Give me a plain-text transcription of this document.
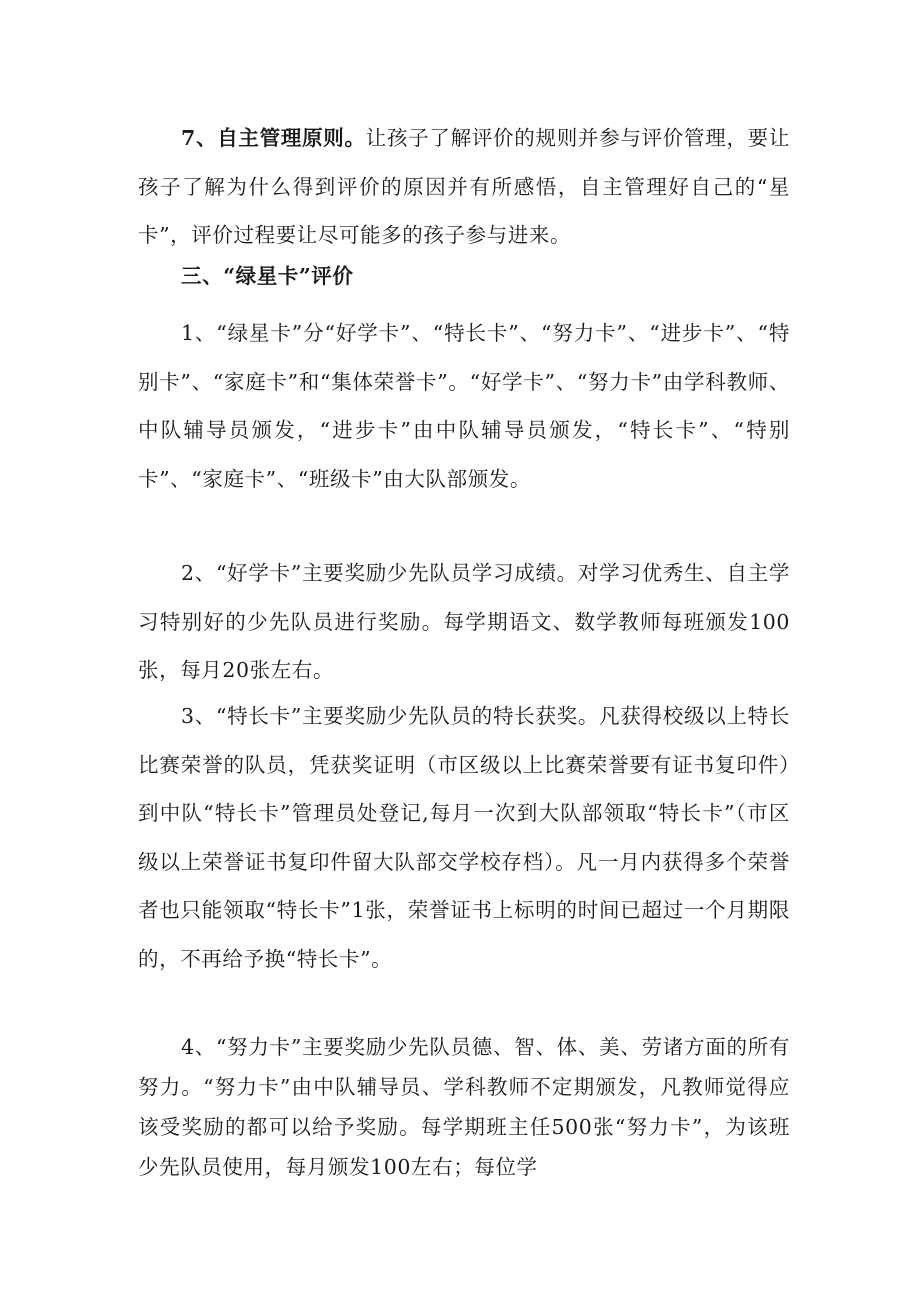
7、自主管理原则。让孩子了解评价的规则并参与评价管理，要让孩子了解为什么得到评价的原因并有所感悟，自主管理好自己的“星卡”，评价过程要让尽可能多的孩子参与进来。

三、“绿星卡”评价

1、“绿星卡”分“好学卡”、“特长卡”、“努力卡”、“进步卡”、“特别卡”、“家庭卡”和“集体荣誉卡”。“好学卡”、“努力卡”由学科教师、中队辅导员颁发，“进步卡”由中队辅导员颁发，“特长卡”、“特别卡”、“家庭卡”、“班级卡”由大队部颁发。

2、“好学卡”主要奖励少先队员学习成绩。对学习优秀生、自主学习特别好的少先队员进行奖励。每学期语文、数学教师每班颁发100张，每月20张左右。

3、“特长卡”主要奖励少先队员的特长获奖。凡获得校级以上特长比赛荣誉的队员，凭获奖证明（市区级以上比赛荣誉要有证书复印件）到中队“特长卡”管理员处登记,每月一次到大队部领取“特长卡”（市区级以上荣誉证书复印件留大队部交学校存档）。凡一月内获得多个荣誉者也只能领取“特长卡”1张，荣誉证书上标明的时间已超过一个月期限的，不再给予换“特长卡”。

4、“努力卡”主要奖励少先队员德、智、体、美、劳诸方面的所有努力。“努力卡”由中队辅导员、学科教师不定期颁发，凡教师觉得应该受奖励的都可以给予奖励。每学期班主任500张“努力卡”，为该班少先队员使用，每月颁发100左右；每位学
